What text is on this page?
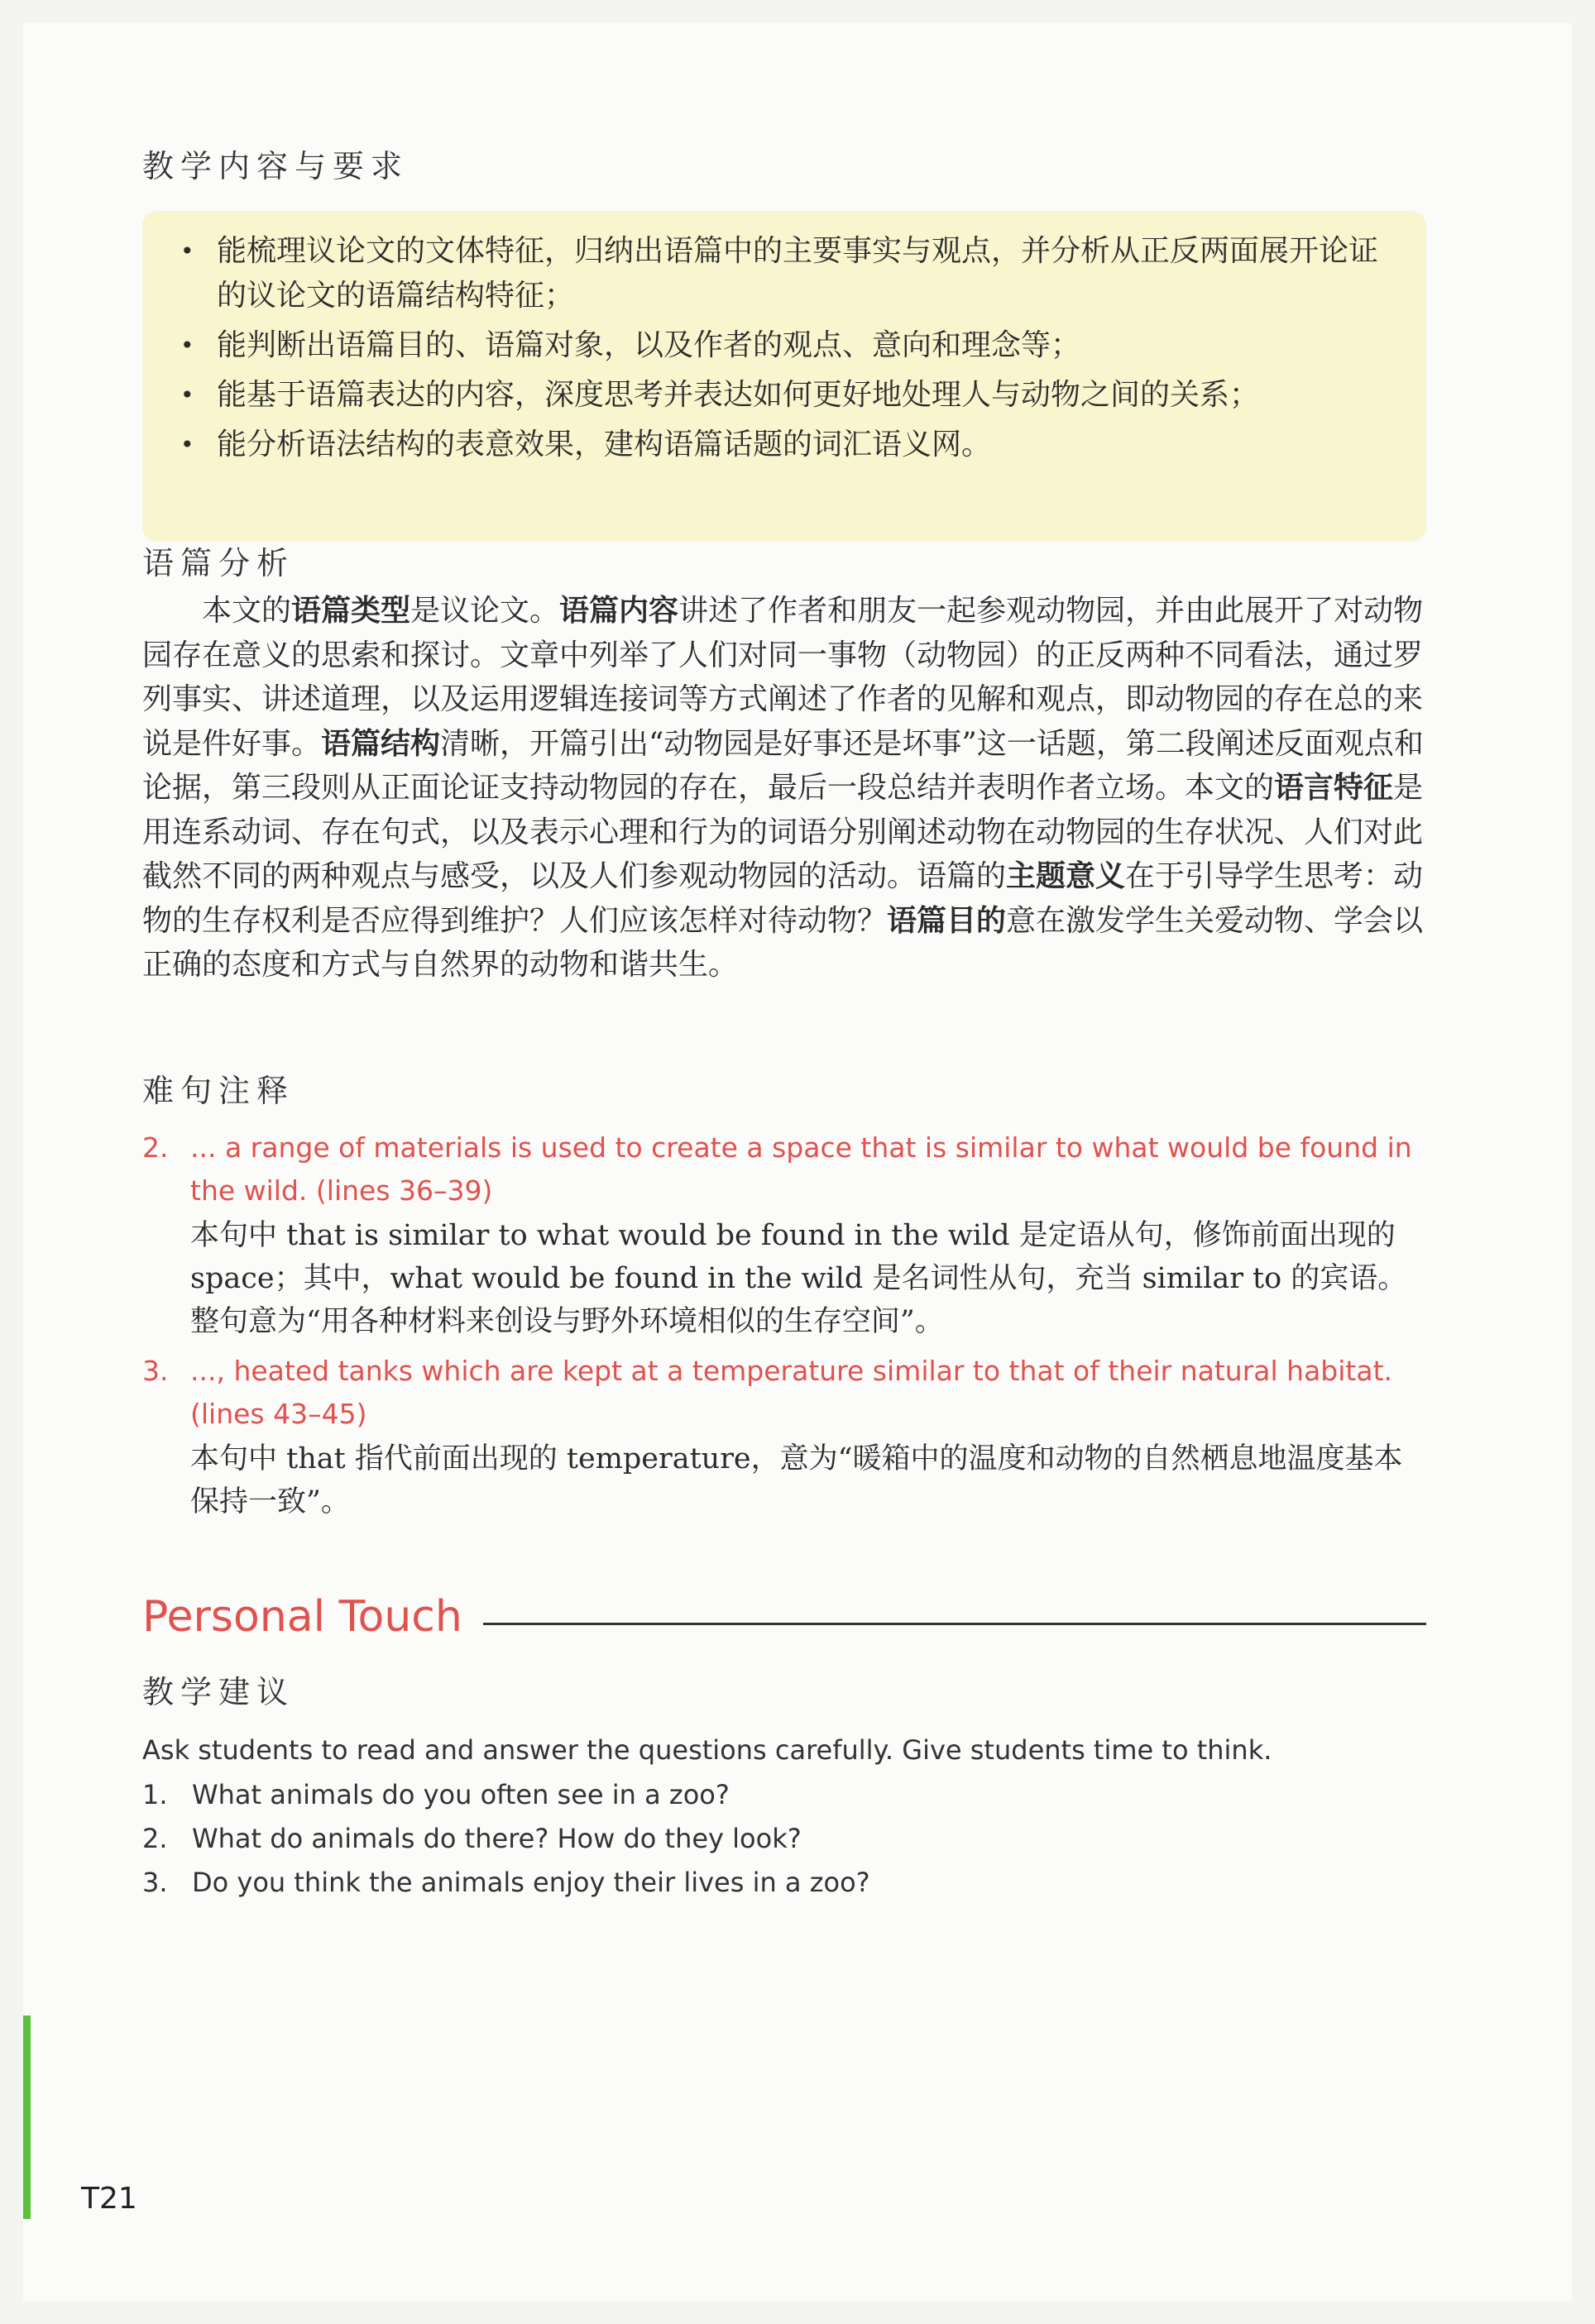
教学内容与要求
• 能梳理议论文的文体特征，归纳出语篇中的主要事实与观点，并分析从正反两面展开论证的议论文的语篇结构特征；
• 能判断出语篇目的、语篇对象，以及作者的观点、意向和理念等；
• 能基于语篇表达的内容，深度思考并表达如何更好地处理人与动物之间的关系；
• 能分析语法结构的表意效果，建构语篇话题的词汇语义网。
语篇分析

本文的语篇类型是议论文。语篇内容讲述了作者和朋友一起参观动物园，并由此展开了对动物园存在意义的思索和探讨。文章中列举了人们对同一事物（动物园）的正反两种不同看法，通过罗列事实、讲述道理，以及运用逻辑连接词等方式阐述了作者的见解和观点，即动物园的存在总的来说是件好事。语篇结构清晰，开篇引出“动物园是好事还是坏事”这一话题，第二段阐述反面观点和论据，第三段则从正面论证支持动物园的存在，最后一段总结并表明作者立场。本文的语言特征是用连系动词、存在句式，以及表示心理和行为的词语分别阐述动物在动物园的生存状况、人们对此截然不同的两种观点与感受，以及人们参观动物园的活动。语篇的主题意义在于引导学生思考：动物的生存权利是否应得到维护？人们应该怎样对待动物？语篇目的意在激发学生关爱动物、学会以正确的态度和方式与自然界的动物和谐共生。

难句注释
2. ... a range of materials is used to create a space that is similar to what would be found in the wild. (lines 36–39)
本句中 that is similar to what would be found in the wild 是定语从句，修饰前面出现的 space；其中，what would be found in the wild 是名词性从句，充当 similar to 的宾语。整句意为“用各种材料来创设与野外环境相似的生存空间”。
3. ..., heated tanks which are kept at a temperature similar to that of their natural habitat. (lines 43–45)
本句中 that 指代前面出现的 temperature，意为“暖箱中的温度和动物的自然栖息地温度基本保持一致”。
Personal Touch
教学建议
Ask students to read and answer the questions carefully. Give students time to think.
1. What animals do you often see in a zoo?
2. What do animals do there? How do they look?
3. Do you think the animals enjoy their lives in a zoo?
T21
